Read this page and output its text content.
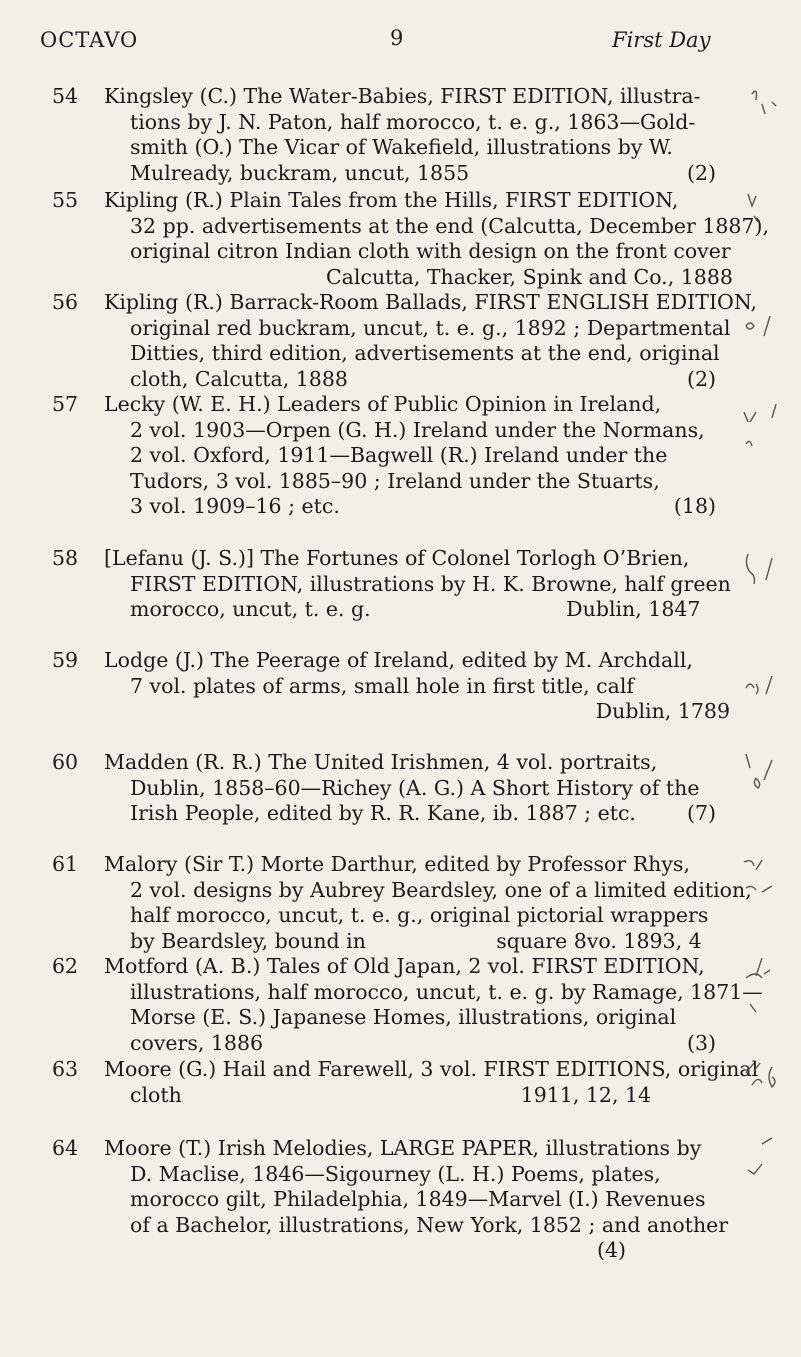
OCTAVO	9	First Day
54 Kingsley (C.) The Water-Babies, FIRST EDITION, illustra-
tions by J. N. Paton, half morocco, t. e. g., 1863—Gold-
smith (O.) The Vicar of Wakefield, illustrations by W.
Mulready, buckram, uncut, 1855	(2)
55 Kipling (R.) Plain Tales from the Hills, FIRST EDITION,
32 pp. advertisements at the end (Calcutta, December 1887),
original citron Indian cloth with design on the front cover
Calcutta, Thacker, Spink and Co., 1888
56 Kipling (R.) Barrack-Room Ballads, FIRST ENGLISH EDITION,
original red buckram, uncut, t. e. g., 1892 ; Departmental
Ditties, third edition, advertisements at the end, original
cloth, Calcutta, 1888	(2)
57 Lecky (W. E. H.) Leaders of Public Opinion in Ireland,
2 vol. 1903—Orpen (G. H.) Ireland under the Normans,
2 vol. Oxford, 1911—Bagwell (R.) Ireland under the
Tudors, 3 vol. 1885–90 ; Ireland under the Stuarts,
3 vol. 1909–16 ; etc.	(18)
58 [Lefanu (J. S.)] The Fortunes of Colonel Torlogh O’Brien,
FIRST EDITION, illustrations by H. K. Browne, half green
morocco, uncut, t. e. g.                              Dublin, 1847
59 Lodge (J.) The Peerage of Ireland, edited by M. Archdall,
7 vol. plates of arms, small hole in first title, calf
Dublin, 1789
60 Madden (R. R.) The United Irishmen, 4 vol. portraits,
Dublin, 1858–60—Richey (A. G.) A Short History of the
Irish People, edited by R. R. Kane, ib. 1887 ; etc. (7)
61 Malory (Sir T.) Morte Darthur, edited by Professor Rhys,
2 vol. designs by Aubrey Beardsley, one of a limited edition,
half morocco, uncut, t. e. g., original pictorial wrappers
by Beardsley, bound in                    square 8vo. 1893, 4
62 Motford (A. B.) Tales of Old Japan, 2 vol. FIRST EDITION,
illustrations, half morocco, uncut, t. e. g. by Ramage, 1871—
Morse (E. S.) Japanese Homes, illustrations, original
covers, 1886	(3)
63 Moore (G.) Hail and Farewell, 3 vol. FIRST EDITIONS, original
cloth                                                    1911, 12, 14
64 Moore (T.) Irish Melodies, LARGE PAPER, illustrations by
D. Maclise, 1846—Sigourney (L. H.) Poems, plates,
morocco gilt, Philadelphia, 1849—Marvel (I.) Revenues
of a Bachelor, illustrations, New York, 1852 ; and another
(4)
